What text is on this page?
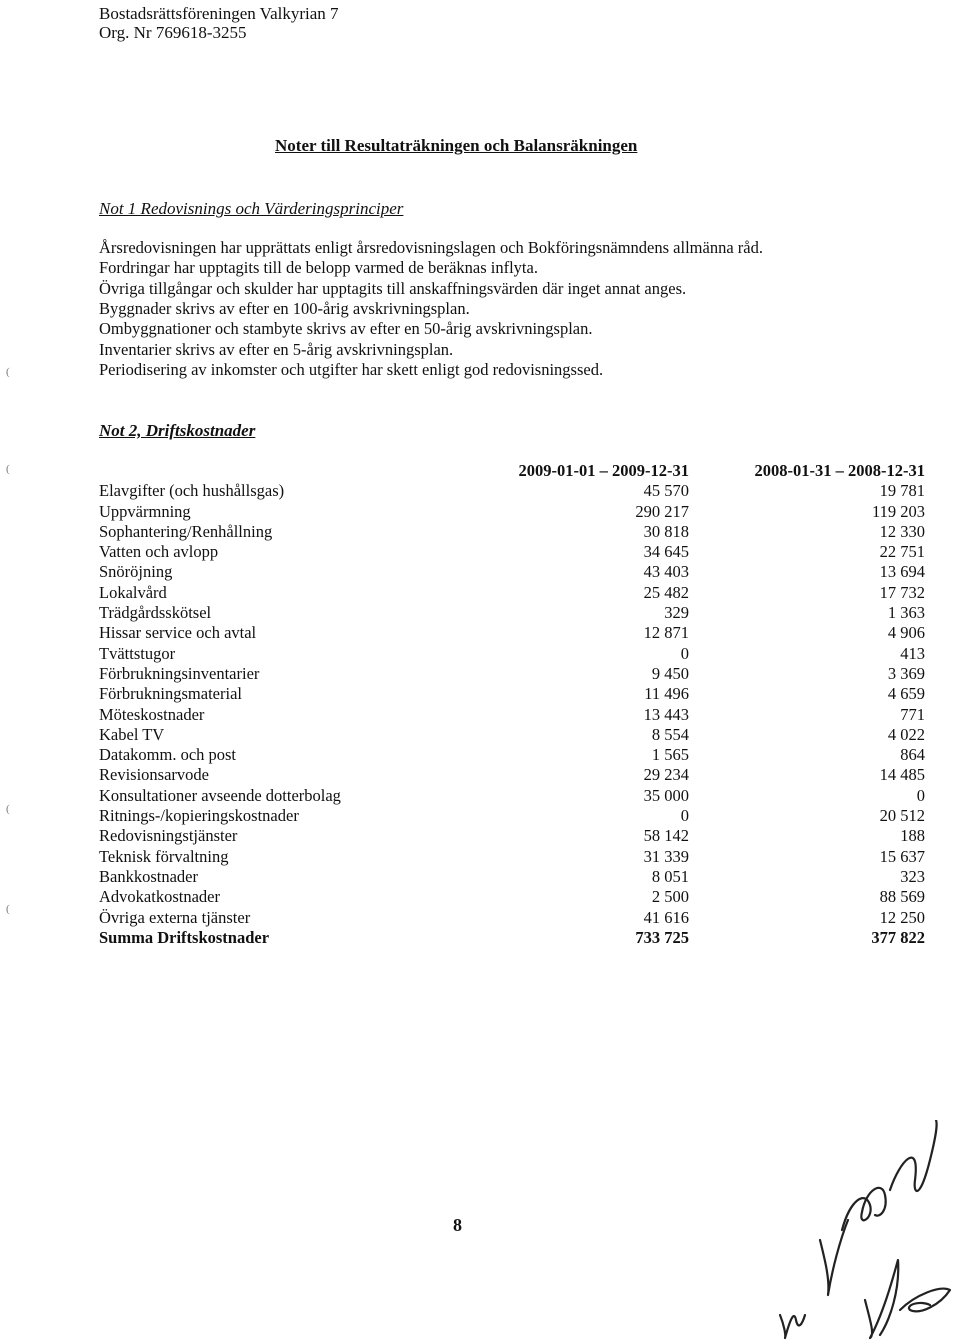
Bostadsrättsföreningen Valkyrian 7
Org. Nr 769618-3255
Noter till Resultaträkningen och Balansräkningen
Not 1 Redovisnings och Värderingsprinciper
Årsredovisningen har upprättats enligt årsredovisningslagen och Bokföringsnämndens allmänna råd.
Fordringar har upptagits till de belopp varmed de beräknas inflyta.
Övriga tillgångar och skulder har upptagits till anskaffningsvärden där inget annat anges.
Byggnader skrivs av efter en 100-årig avskrivningsplan.
Ombyggnationer och stambyte skrivs av efter en 50-årig avskrivningsplan.
Inventarier skrivs av efter en 5-årig avskrivningsplan.
Periodisering av inkomster och utgifter har skett enligt god redovisningssed.
Not 2, Driftskostnader
	2009-01-01 – 2009-12-31	2008-01-31 – 2008-12-31
Elavgifter (och hushållsgas)	45 570	19 781
Uppvärmning	290 217	119 203
Sophantering/Renhållning	30 818	12 330
Vatten och avlopp	34 645	22 751
Snöröjning	43 403	13 694
Lokalvård	25 482	17 732
Trädgårdsskötsel	329	1 363
Hissar service och avtal	12 871	4 906
Tvättstugor	0	413
Förbrukningsinventarier	9 450	3 369
Förbrukningsmaterial	11 496	4 659
Möteskostnader	13 443	771
Kabel TV	8 554	4 022
Datakomm. och post	1 565	864
Revisionsarvode	29 234	14 485
Konsultationer avseende dotterbolag	35 000	0
Ritnings-/kopieringskostnader	0	20 512
Redovisningstjänster	58 142	188
Teknisk förvaltning	31 339	15 637
Bankkostnader	8 051	323
Advokatkostnader	2 500	88 569
Övriga externa tjänster	41 616	12 250
Summa Driftskostnader	733 725	377 822
(
(
(
(
8
